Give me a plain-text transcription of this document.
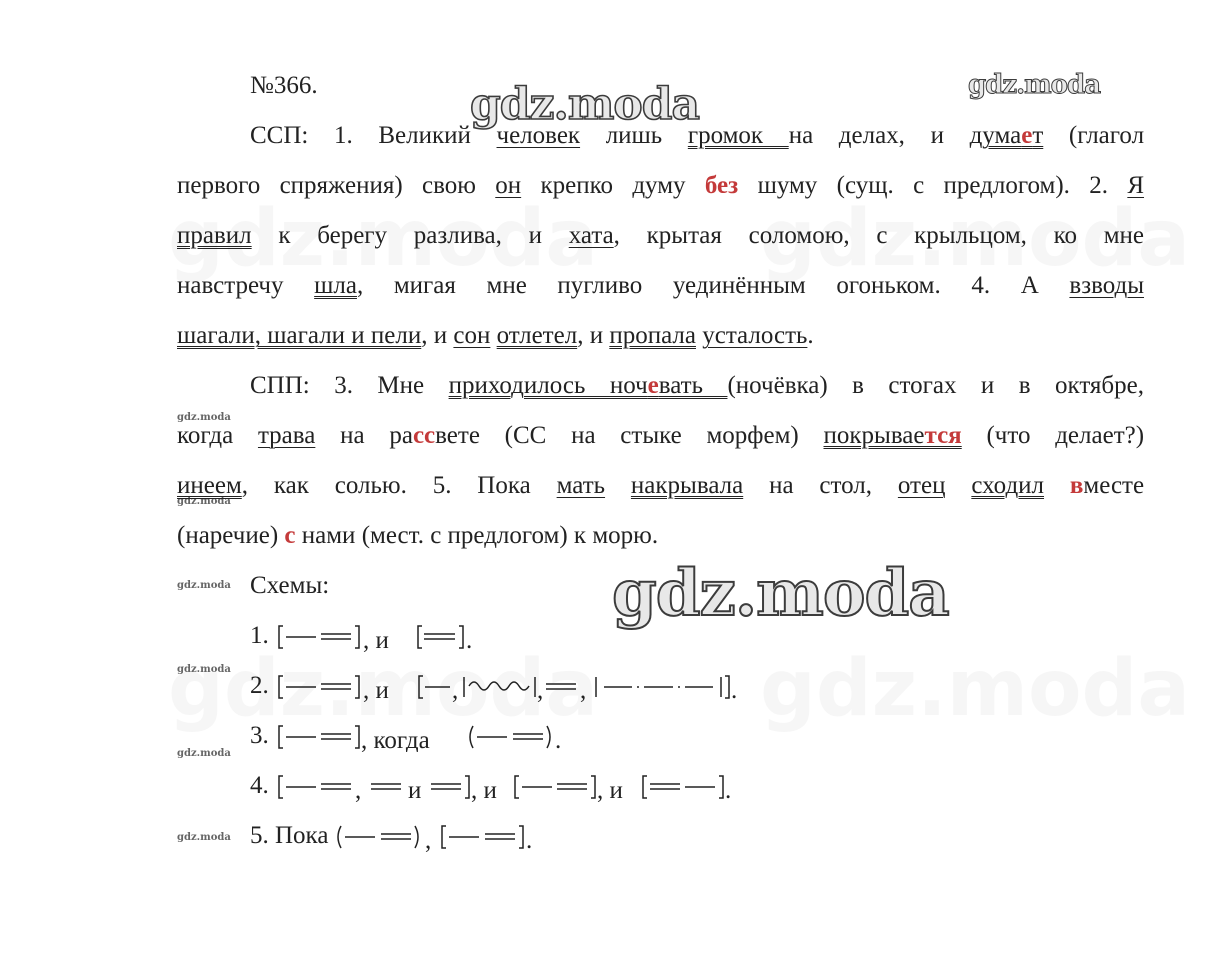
gdz.moda	gdz.moda
gdz.moda
gdz.moda
gdz.moda
gdz.moda
gdz.moda
gdz.moda
gdz.moda
№366.
ССП: 1. Великий человек лишь громок на делах, и думает (глагол
первого спряжения) свою он крепко думу без шуму (сущ. с предлогом). 2. Я
правил к берегу разлива, и хата, крытая соломою, с крыльцом, ко мне
навстречу шла, мигая мне пугливо уединённым огоньком. 4. А взводы
шагали, шагали и пели, и сон отлетел, и пропала усталость.
СПП: 3. Мне приходилось ночевать (ночёвка) в стогах и в октябре,
когда трава на рассвете (СС на стыке морфем) покрывается (что делает?)
инеем, как солью. 5. Пока мать накрывала на стол, отец сходил вместе
(наречие) с нами (мест. с предлогом) к морю.
Схемы:
1.	, и	.
2.	, и	,	, ,	.
3.	, когда	.
4.	, и , и	, и	.
5. Пока	,	.
